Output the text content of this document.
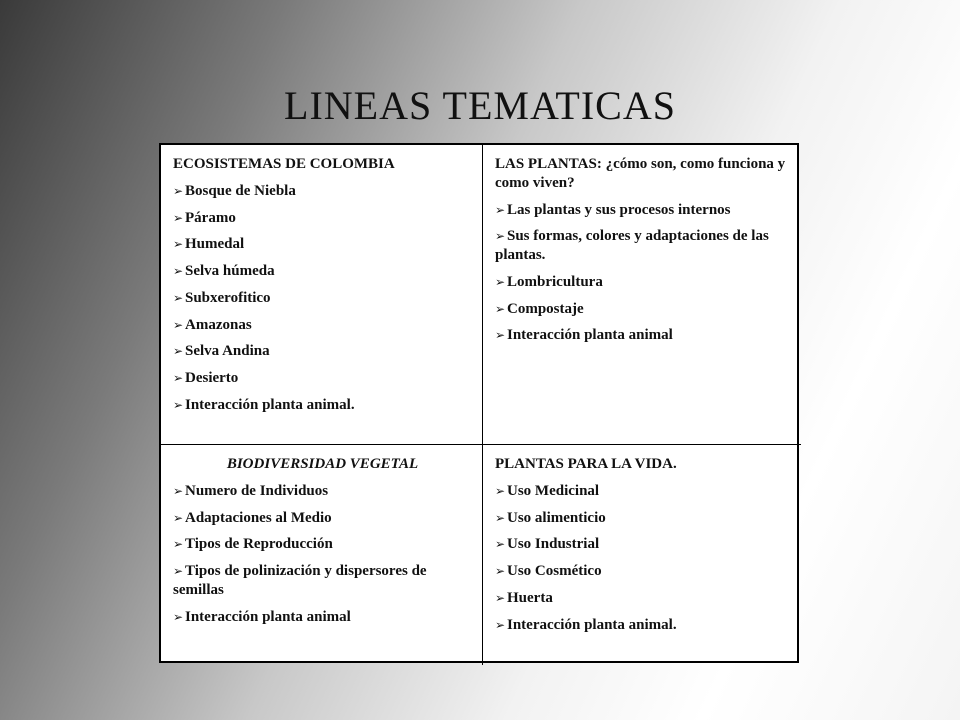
LINEAS TEMATICAS
ECOSISTEMAS DE COLOMBIA
➢ Bosque de Niebla
➢ Páramo
➢ Humedal
➢ Selva húmeda
➢ Subxerofitico
➢ Amazonas
➢ Selva Andina
➢ Desierto
➢ Interacción planta animal.
LAS PLANTAS: ¿cómo son, como funciona y como viven?
➢ Las plantas y sus procesos internos
➢ Sus formas, colores y adaptaciones de las plantas.
➢ Lombricultura
➢ Compostaje
➢ Interacción planta animal
BIODIVERSIDAD VEGETAL
➢ Numero de Individuos
➢ Adaptaciones al Medio
➢ Tipos de Reproducción
➢ Tipos de polinización y dispersores de semillas
➢ Interacción planta animal
PLANTAS PARA LA VIDA.
➢ Uso Medicinal
➢ Uso alimenticio
➢ Uso Industrial
➢ Uso Cosmético
➢ Huerta
➢ Interacción planta animal.
